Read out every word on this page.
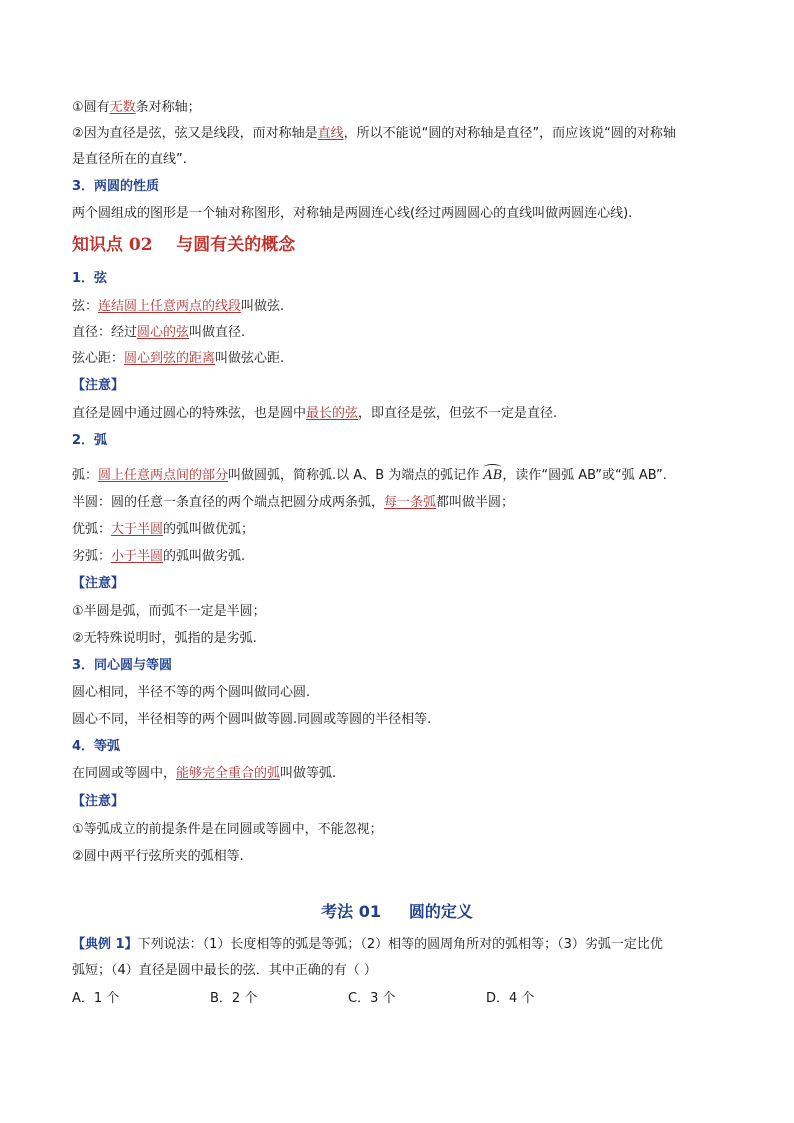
①圆有无数条对称轴；
②因为直径是弦，弦又是线段，而对称轴是直线，所以不能说“圆的对称轴是直径”，而应该说“圆的对称轴
是直径所在的直线”.
3．两圆的性质
两个圆组成的图形是一个轴对称图形，对称轴是两圆连心线(经过两圆圆心的直线叫做两圆连心线).
知识点 02 与圆有关的概念
1．弦
弦：连结圆上任意两点的线段叫做弦.
直径：经过圆心的弦叫做直径.
弦心距：圆心到弦的距离叫做弦心距.
【注意】
直径是圆中通过圆心的特殊弦，也是圆中最长的弦，即直径是弦，但弦不一定是直径.
2．弧
弧：圆上任意两点间的部分叫做圆弧，简称弧.以 A、B 为端点的弧记作 AB，读作“圆弧 AB”或“弧 AB”.
半圆：圆的任意一条直径的两个端点把圆分成两条弧，每一条弧都叫做半圆；
优弧：大于半圆的弧叫做优弧；
劣弧：小于半圆的弧叫做劣弧.
【注意】
①半圆是弧，而弧不一定是半圆；
②无特殊说明时，弧指的是劣弧.
3．同心圆与等圆
圆心相同，半径不等的两个圆叫做同心圆.
圆心不同，半径相等的两个圆叫做等圆.同圆或等圆的半径相等.
4．等弧
在同圆或等圆中，能够完全重合的弧叫做等弧.
【注意】
①等弧成立的前提条件是在同圆或等圆中，不能忽视；
②圆中两平行弦所夹的弧相等.
考法 01 圆的定义
【典例 1】下列说法：（1）长度相等的弧是等弧；（2）相等的圆周角所对的弧相等；（3）劣弧一定比优
弧短；（4）直径是圆中最长的弦．其中正确的有（ ）
A．1 个	B．2 个	C．3 个	D．4 个
